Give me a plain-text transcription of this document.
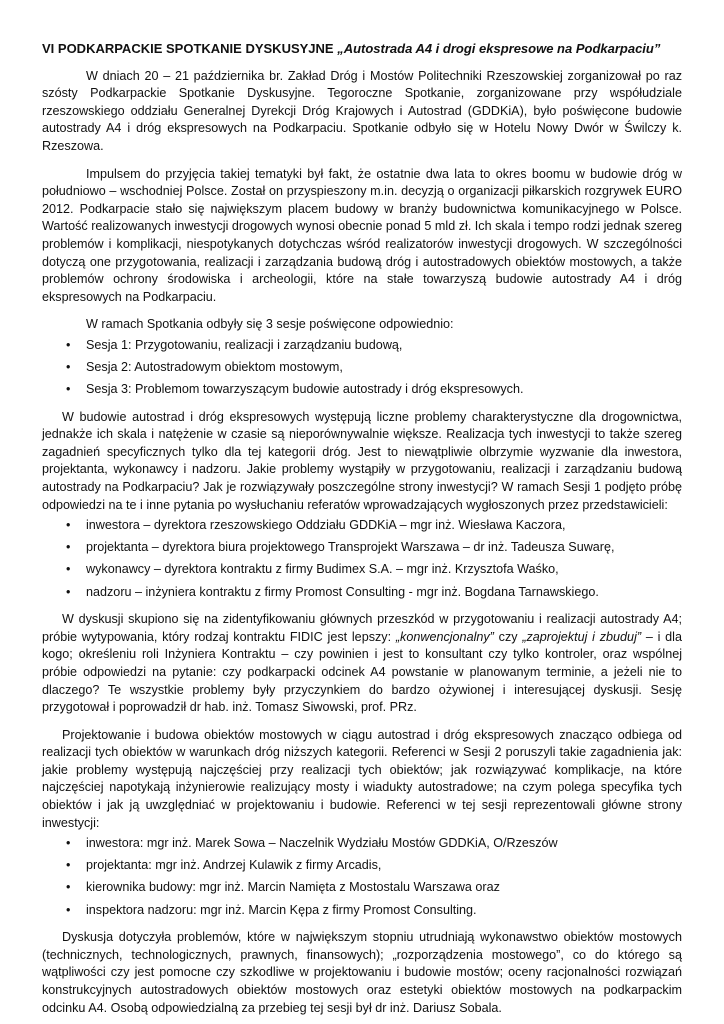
VI PODKARPACKIE SPOTKANIE DYSKUSYJNE „Autostrada A4 i drogi ekspresowe na Podkarpaciu”

W dniach 20 – 21 października br. Zakład Dróg i Mostów Politechniki Rzeszowskiej zorganizował po raz szósty Podkarpackie Spotkanie Dyskusyjne. Tegoroczne Spotkanie, zorganizowane przy współudziale rzeszowskiego oddziału Generalnej Dyrekcji Dróg Krajowych i Autostrad (GDDKiA), było poświęcone budowie autostrady A4 i dróg ekspresowych na Podkarpaciu. Spotkanie odbyło się w Hotelu Nowy Dwór w Świlczy k. Rzeszowa.

Impulsem do przyjęcia takiej tematyki był fakt, że ostatnie dwa lata to okres boomu w budowie dróg w południowo – wschodniej Polsce. Został on przyspieszony m.in. decyzją o organizacji piłkarskich rozgrywek EURO 2012. Podkarpacie stało się największym placem budowy w branży budownictwa komunikacyjnego w Polsce. Wartość realizowanych inwestycji drogowych wynosi obecnie ponad 5 mld zł. Ich skala i tempo rodzi jednak szereg problemów i komplikacji, niespotykanych dotychczas wśród realizatorów inwestycji drogowych. W szczególności dotyczą one przygotowania, realizacji i zarządzania budową dróg i autostradowych obiektów mostowych, a także problemów ochrony środowiska i archeologii, które na stałe towarzyszą budowie autostrady A4 i dróg ekspresowych na Podkarpaciu.

W ramach Spotkania odbyły się 3 sesje poświęcone odpowiednio:

• Sesja 1: Przygotowaniu, realizacji i zarządzaniu budową,
• Sesja 2: Autostradowym obiektom mostowym,
• Sesja 3: Problemom towarzyszącym budowie autostrady i dróg ekspresowych.

W budowie autostrad i dróg ekspresowych występują liczne problemy charakterystyczne dla drogownictwa, jednakże ich skala i natężenie w czasie są nieporównywalnie większe. Realizacja tych inwestycji to także szereg zagadnień specyficznych tylko dla tej kategorii dróg. Jest to niewątpliwie olbrzymie wyzwanie dla inwestora, projektanta, wykonawcy i nadzoru. Jakie problemy wystąpiły w przygotowaniu, realizacji i zarządzaniu budową autostrady na Podkarpaciu? Jak je rozwiązywały poszczególne strony inwestycji? W ramach Sesji 1 podjęto próbę odpowiedzi na te i inne pytania po wysłuchaniu referatów wprowadzających wygłoszonych przez przedstawicieli:

• inwestora – dyrektora rzeszowskiego Oddziału GDDKiA – mgr inż. Wiesława Kaczora,
• projektanta – dyrektora biura projektowego Transprojekt Warszawa – dr inż. Tadeusza Suwarę,
• wykonawcy – dyrektora kontraktu z firmy Budimex S.A. – mgr inż. Krzysztofa Waśko,
• nadzoru – inżyniera kontraktu z firmy Promost Consulting - mgr inż. Bogdana Tarnawskiego.

W dyskusji skupiono się na zidentyfikowaniu głównych przeszkód w przygotowaniu i realizacji autostrady A4; próbie wytypowania, który rodzaj kontraktu FIDIC jest lepszy: „konwencjonalny” czy „zaprojektuj i zbuduj” – i dla kogo; określeniu roli Inżyniera Kontraktu – czy powinien i jest to konsultant czy tylko kontroler, oraz wspólnej próbie odpowiedzi na pytanie: czy podkarpacki odcinek A4 powstanie w planowanym terminie, a jeżeli nie to dlaczego? Te wszystkie problemy były przyczynkiem do bardzo ożywionej i interesującej dyskusji. Sesję przygotował i poprowadził dr hab. inż. Tomasz Siwowski, prof. PRz.

Projektowanie i budowa obiektów mostowych w ciągu autostrad i dróg ekspresowych znacząco odbiega od realizacji tych obiektów w warunkach dróg niższych kategorii. Referenci w Sesji 2 poruszyli takie zagadnienia jak: jakie problemy występują najczęściej przy realizacji tych obiektów; jak rozwiązywać komplikacje, na które najczęściej napotykają inżynierowie realizujący mosty i wiadukty autostradowe; na czym polega specyfika tych obiektów i jak ją uwzględniać w projektowaniu i budowie. Referenci w tej sesji reprezentowali główne strony inwestycji:

• inwestora: mgr inż. Marek Sowa – Naczelnik Wydziału Mostów GDDKiA, O/Rzeszów
• projektanta: mgr inż. Andrzej Kulawik z firmy Arcadis,
• kierownika budowy: mgr inż. Marcin Namięta z Mostostalu Warszawa oraz
• inspektora nadzoru: mgr inż. Marcin Kępa z firmy Promost Consulting.

Dyskusja dotyczyła problemów, które w największym stopniu utrudniają wykonawstwo obiektów mostowych (technicznych, technologicznych, prawnych, finansowych); „rozporządzenia mostowego”, co do którego są wątpliwości czy jest pomocne czy szkodliwe w projektowaniu i budowie mostów; oceny racjonalności rozwiązań konstrukcyjnych autostradowych obiektów mostowych oraz estetyki obiektów mostowych na podkarpackim odcinku A4. Osobą odpowiedzialną za przebieg tej sesji był dr inż. Dariusz Sobala.
